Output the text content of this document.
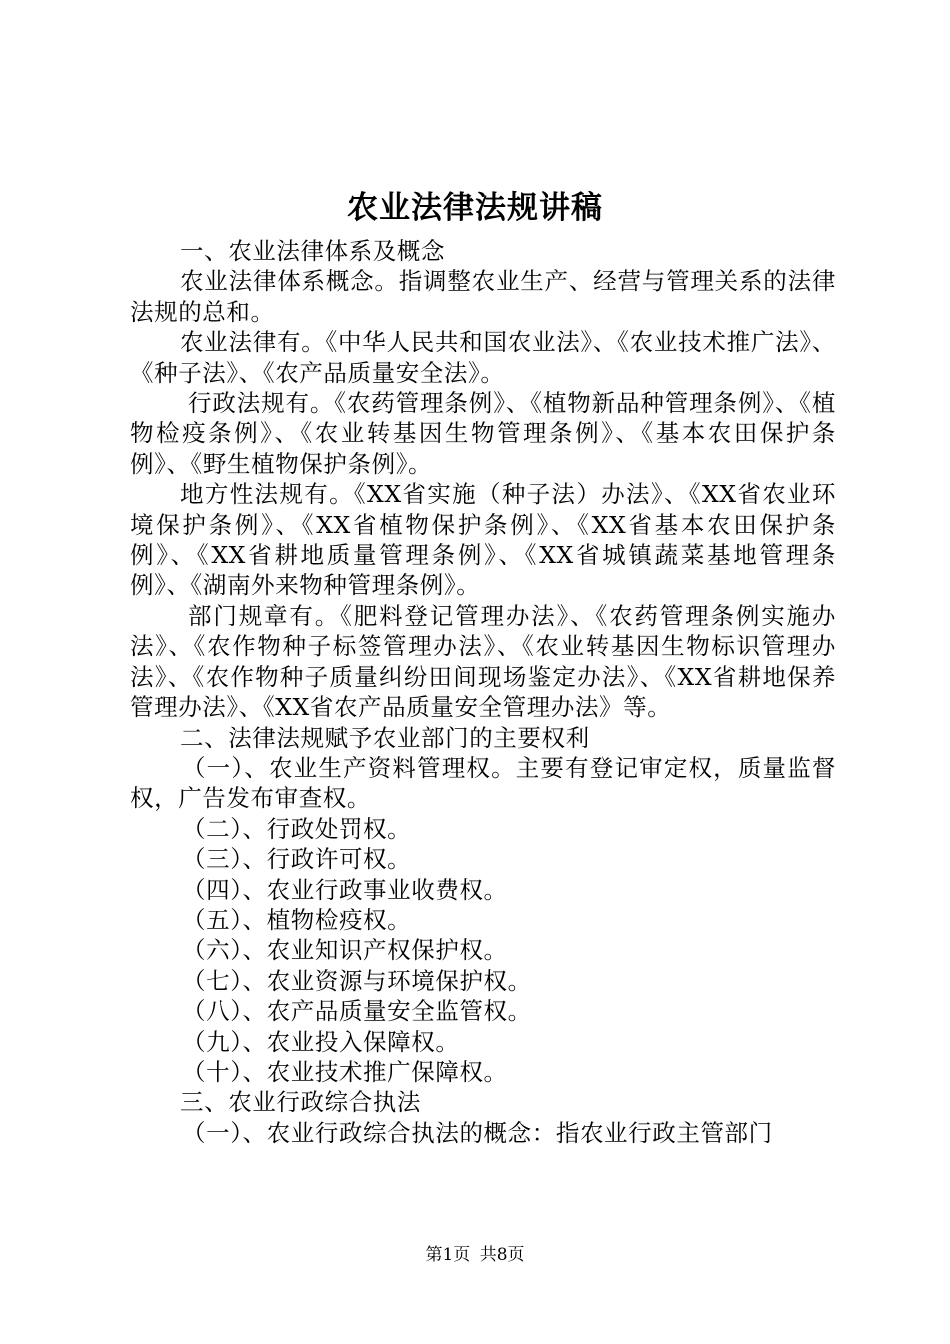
农业法律法规讲稿

一、农业法律体系及概念

农业法律体系概念。指调整农业生产、经营与管理关系的法律法规的总和。

农业法律有。《中华人民共和国农业法》、《农业技术推广法》、《种子法》、《农产品质量安全法》。

行政法规有。《农药管理条例》、《植物新品种管理条例》、《植物检疫条例》、《农业转基因生物管理条例》、《基本农田保护条例》、《野生植物保护条例》。

地方性法规有。《XX省实施（种子法）办法》、《XX省农业环境保护条例》、《XX省植物保护条例》、《XX省基本农田保护条例》、《XX省耕地质量管理条例》、《XX省城镇蔬菜基地管理条例》、《湖南外来物种管理条例》。

部门规章有。《肥料登记管理办法》、《农药管理条例实施办法》、《农作物种子标签管理办法》、《农业转基因生物标识管理办法》、《农作物种子质量纠纷田间现场鉴定办法》、《XX省耕地保养管理办法》、《XX省农产品质量安全管理办法》等。

二、法律法规赋予农业部门的主要权利

（一）、农业生产资料管理权。主要有登记审定权，质量监督权，广告发布审查权。

（二）、行政处罚权。

（三）、行政许可权。

（四）、农业行政事业收费权。

（五）、植物检疫权。

（六）、农业知识产权保护权。

（七）、农业资源与环境保护权。

（八）、农产品质量安全监管权。

（九）、农业投入保障权。

（十）、农业技术推广保障权。

三、农业行政综合执法

（一）、农业行政综合执法的概念：指农业行政主管部门

第1页 共8页
